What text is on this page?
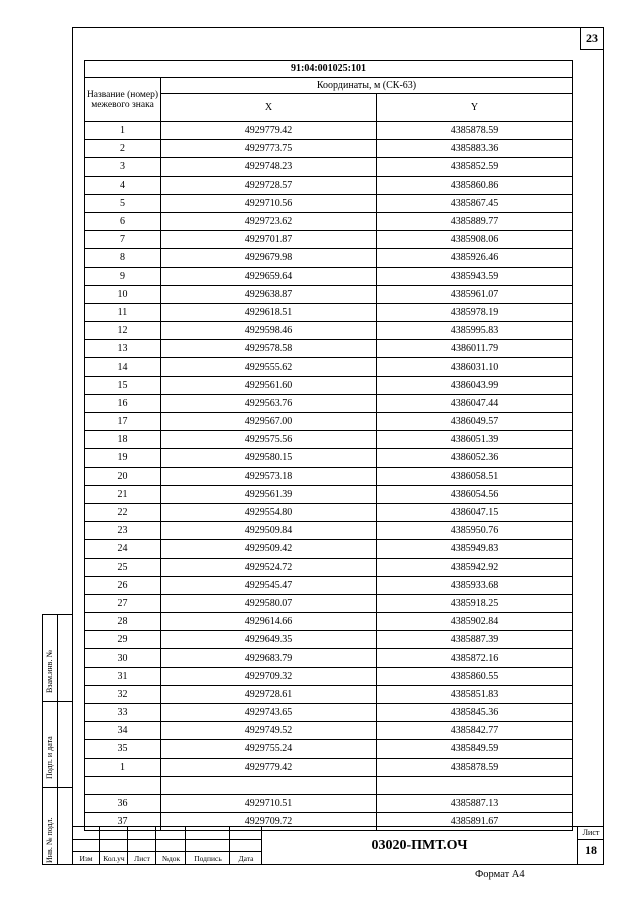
23
Взам.инв. №
Подп. и дата
Инв. № подл.
91:04:001025:101		
Название (номер) межевого знака	Координаты, м (СК-63)	
	X	Y
1	4929779.42	4385878.59
2	4929773.75	4385883.36
3	4929748.23	4385852.59
4	4929728.57	4385860.86
5	4929710.56	4385867.45
6	4929723.62	4385889.77
7	4929701.87	4385908.06
8	4929679.98	4385926.46
9	4929659.64	4385943.59
10	4929638.87	4385961.07
11	4929618.51	4385978.19
12	4929598.46	4385995.83
13	4929578.58	4386011.79
14	4929555.62	4386031.10
15	4929561.60	4386043.99
16	4929563.76	4386047.44
17	4929567.00	4386049.57
18	4929575.56	4386051.39
19	4929580.15	4386052.36
20	4929573.18	4386058.51
21	4929561.39	4386054.56
22	4929554.80	4386047.15
23	4929509.84	4385950.76
24	4929509.42	4385949.83
25	4929524.72	4385942.92
26	4929545.47	4385933.68
27	4929580.07	4385918.25
28	4929614.66	4385902.84
29	4929649.35	4385887.39
30	4929683.79	4385872.16
31	4929709.32	4385860.55
32	4929728.61	4385851.83
33	4929743.65	4385845.36
34	4929749.52	4385842.77
35	4929755.24	4385849.59
1	4929779.42	4385878.59

36	4929710.51	4385887.13
37	4929709.72	4385891.67
Изм	Кол.уч	Лист	№док	Подпись	Дата
03020-ПМТ.ОЧ
Лист
18
Формат А4
